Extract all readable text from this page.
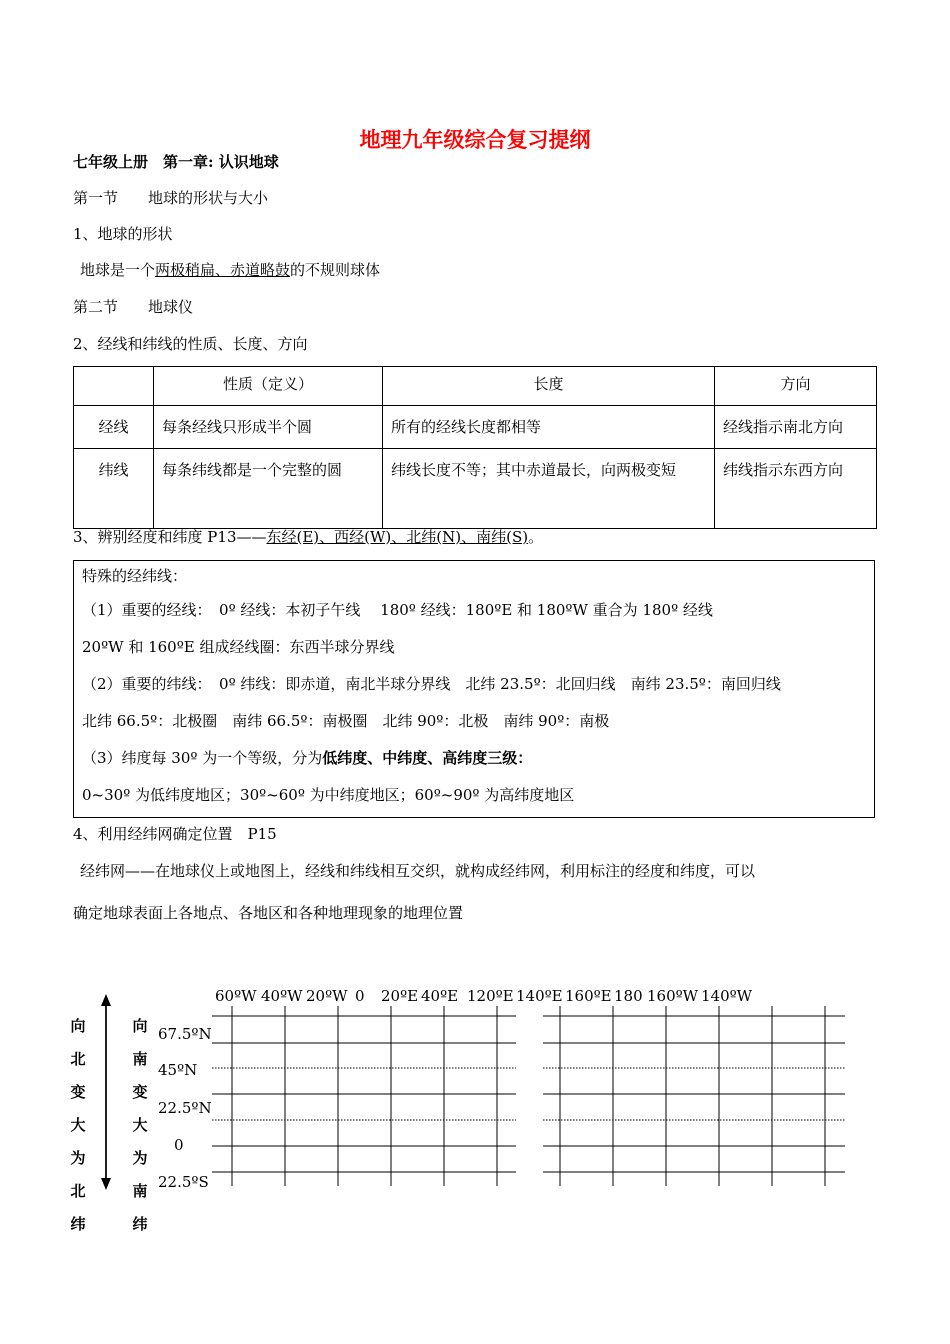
地理九年级综合复习提纲
七年级上册　第一章: 认识地球
第一节　　地球的形状与大小
1、地球的形状
地球是一个两极稍扁、赤道略鼓的不规则球体
第二节　　地球仪
2、经线和纬线的性质、长度、方向
	性质（定义）	长度	方向
经线	每条经线只形成半个圆	所有的经线长度都相等	经线指示南北方向
纬线	每条纬线都是一个完整的圆	纬线长度不等；其中赤道最长，向两极变短	纬线指示东西方向
3、辨别经度和纬度 P13——东经(E)、西经(W)、北纬(N)、南纬(S)。
特殊的经纬线：
（1）重要的经线：　0º 经线：本初子午线　 180º 经线：180ºE 和 180ºW 重合为 180º 经线
20ºW 和 160ºE 组成经线圈：东西半球分界线
（2）重要的纬线：　0º 纬线：即赤道，南北半球分界线　北纬 23.5º：北回归线　南纬 23.5º：南回归线
北纬 66.5º：北极圈　南纬 66.5º：南极圈　北纬 90º：北极　南纬 90º：南极
（3）纬度每 30º 为一个等级，分为低纬度、中纬度、高纬度三级：
0~30º 为低纬度地区；30º~60º 为中纬度地区；60º~90º 为高纬度地区
4、利用经纬网确定位置　P15
经纬网——在地球仪上或地图上，经线和纬线相互交织，就构成经纬网，利用标注的经度和纬度，可以
确定地球表面上各地点、各地区和各种地理现象的地理位置
60ºW 40ºW 20ºW 0 20ºE 40ºE 120ºE 140ºE 160ºE 180 160ºW 140ºW
67.5ºN
45ºN
22.5ºN
0
22.5ºS
向
北
变
大
为
北
纬
向
南
变
大
为
南
纬
